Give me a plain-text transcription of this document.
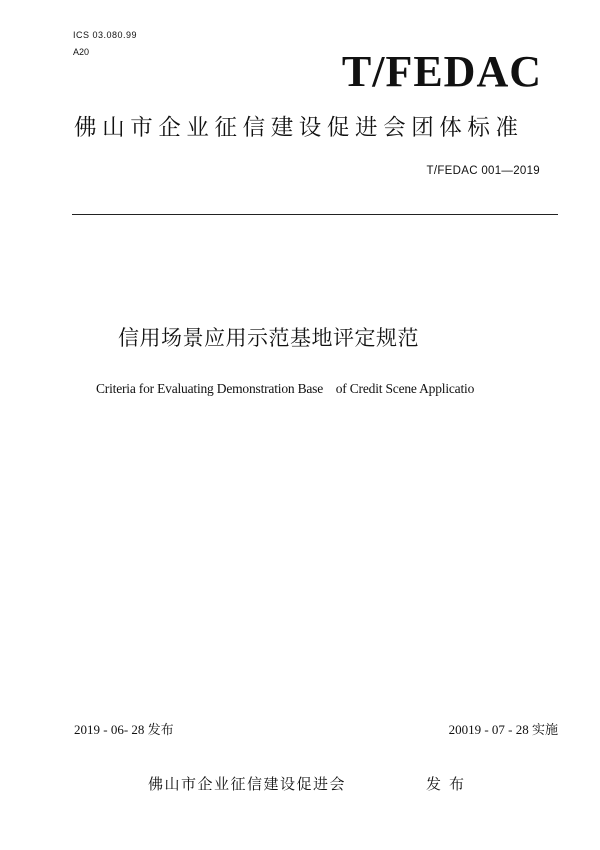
ICS 03.080.99
A20	T/FEDAC
佛山市企业征信建设促进会团体标准
T/FEDAC 001—2019
信用场景应用示范基地评定规范
Criteria for Evaluating Demonstration Base    of Credit Scene Applicatio
2019 - 06- 28 发布	20019 - 07 - 28 实施
佛山市企业征信建设促进会	发布
